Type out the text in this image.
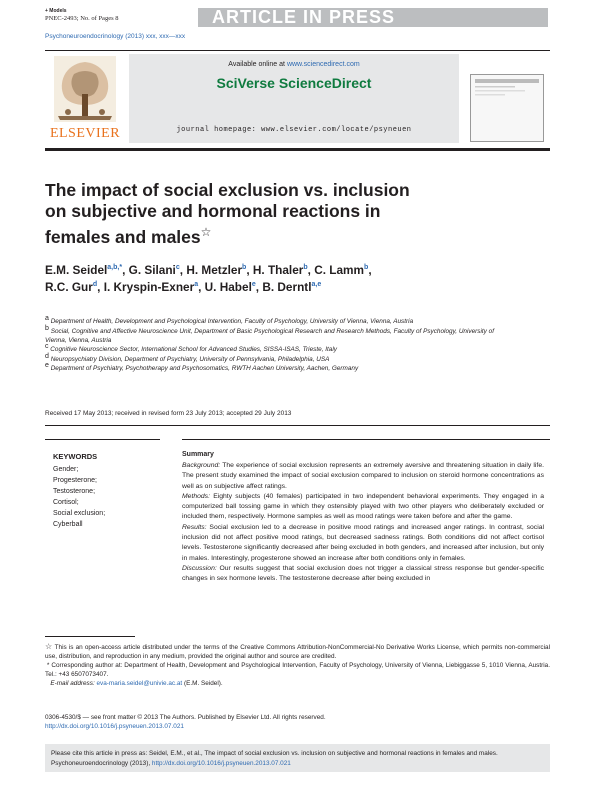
+ Models
PNEC-2493; No. of Pages 8	ARTICLE IN PRESS
Psychoneuroendocrinology (2013) xxx, xxx—xxx
ELSEVIER
Available online at www.sciencedirect.com
SciVerse ScienceDirect
journal homepage: www.elsevier.com/locate/psyneuen
The impact of social exclusion vs. inclusion
on subjective and hormonal reactions in
females and males☆
E.M. Seidel$^{a,b,*}$, G. Silani$^c$, H. Metzler$^b$, H. Thaler$^b$, C. Lamm$^b$,
R.C. Gur$^d$, I. Kryspin-Exner$^a$, U. Habel$^e$, B. Derntl$^{a,e}$
$^a$ Department of Health, Development and Psychological Intervention, Faculty of Psychology, University of Vienna, Vienna, Austria
$^b$ Social, Cognitive and Affective Neuroscience Unit, Department of Basic Psychological Research and Research Methods, Faculty of Psychology, University of Vienna, Vienna, Austria
$^c$ Cognitive Neuroscience Sector, International School for Advanced Studies, SISSA-ISAS, Trieste, Italy
$^d$ Neuropsychiatry Division, Department of Psychiatry, University of Pennsylvania, Philadelphia, USA
$^e$ Department of Psychiatry, Psychotherapy and Psychosomatics, RWTH Aachen University, Aachen, Germany
Received 17 May 2013; received in revised form 23 July 2013; accepted 29 July 2013
KEYWORDS
Gender;
Progesterone;
Testosterone;
Cortisol;
Social exclusion;
Cyberball
Summary
Background: The experience of social exclusion represents an extremely aversive and threatening situation in daily life. The present study examined the impact of social exclusion compared to inclusion on steroid hormone concentrations as well as on subjective affect ratings.
Methods: Eighty subjects (40 females) participated in two independent behavioral experiments. They engaged in a computerized ball tossing game in which they ostensibly played with two other players who deliberately excluded or included them, respectively. Hormone samples as well as mood ratings were taken before and after the game.
Results: Social exclusion led to a decrease in positive mood ratings and increased anger ratings. In contrast, social inclusion did not affect positive mood ratings, but decreased sadness ratings. Both conditions did not affect cortisol levels. Testosterone significantly decreased after being excluded in both genders, and increased after inclusion, but only in males. Interestingly, progesterone showed an increase after both conditions only in females.
Discussion: Our results suggest that social exclusion does not trigger a classical stress response but gender-specific changes in sex hormone levels. The testosterone decrease after being excluded in
☆ This is an open-access article distributed under the terms of the Creative Commons Attribution-NonCommercial-No Derivative Works License, which permits non-commercial use, distribution, and reproduction in any medium, provided the original author and source are credited.
* Corresponding author at: Department of Health, Development and Psychological Intervention, Faculty of Psychology, University of Vienna, Liebiggasse 5, 1010 Vienna, Austria. Tel.: +43 6507073407.
E-mail address: eva-maria.seidel@univie.ac.at (E.M. Seidel).
0306-4530/$ — see front matter © 2013 The Authors. Published by Elsevier Ltd. All rights reserved.
http://dx.doi.org/10.1016/j.psyneuen.2013.07.021
Please cite this article in press as: Seidel, E.M., et al., The impact of social exclusion vs. inclusion on subjective and hormonal reactions in females and males. Psychoneuroendocrinology (2013), http://dx.doi.org/10.1016/j.psyneuen.2013.07.021
